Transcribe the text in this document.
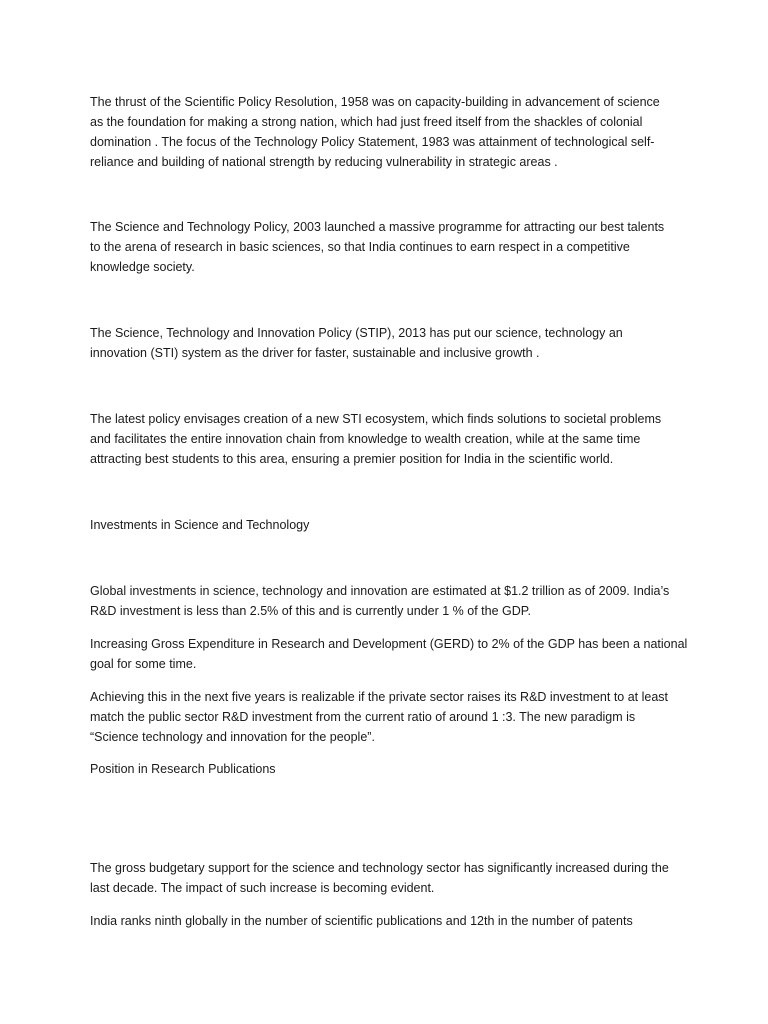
The thrust of the Scientific Policy Resolution, 1958 was on capacity-building in advancement of science
as the foundation for making a strong nation, which had just freed itself from the shackles of colonial
domination . The focus of the Technology Policy Statement, 1983 was attainment of technological self-
reliance and building of national strength by reducing vulnerability in strategic areas .
The Science and Technology Policy, 2003 launched a massive programme for attracting our best talents
to the arena of research in basic sciences, so that India continues to earn respect in a competitive
knowledge society.
The Science, Technology and Innovation Policy (STIP), 2013 has put our science, technology an
innovation (STI) system as the driver for faster, sustainable and inclusive growth .
The latest policy envisages creation of a new STI ecosystem, which finds solutions to societal problems
and facilitates the entire innovation chain from knowledge to wealth creation, while at the same time
attracting best students to this area, ensuring a premier position for India in the scientific world.
Investments in Science and Technology
Global investments in science, technology and innovation are estimated at $1.2 trillion as of 2009. India’s
R&D investment is less than 2.5% of this and is currently under 1 % of the GDP.
Increasing Gross Expenditure in Research and Development (GERD) to 2% of the GDP has been a national
goal for some time.
Achieving this in the next five years is realizable if the private sector raises its R&D investment to at least
match the public sector R&D investment from the current ratio of around 1 :3. The new paradigm is
“Science technology and innovation for the people”.
Position in Research Publications
The gross budgetary support for the science and technology sector has significantly increased during the
last decade. The impact of such increase is becoming evident.
India ranks ninth globally in the number of scientific publications and 12th in the number of patents
